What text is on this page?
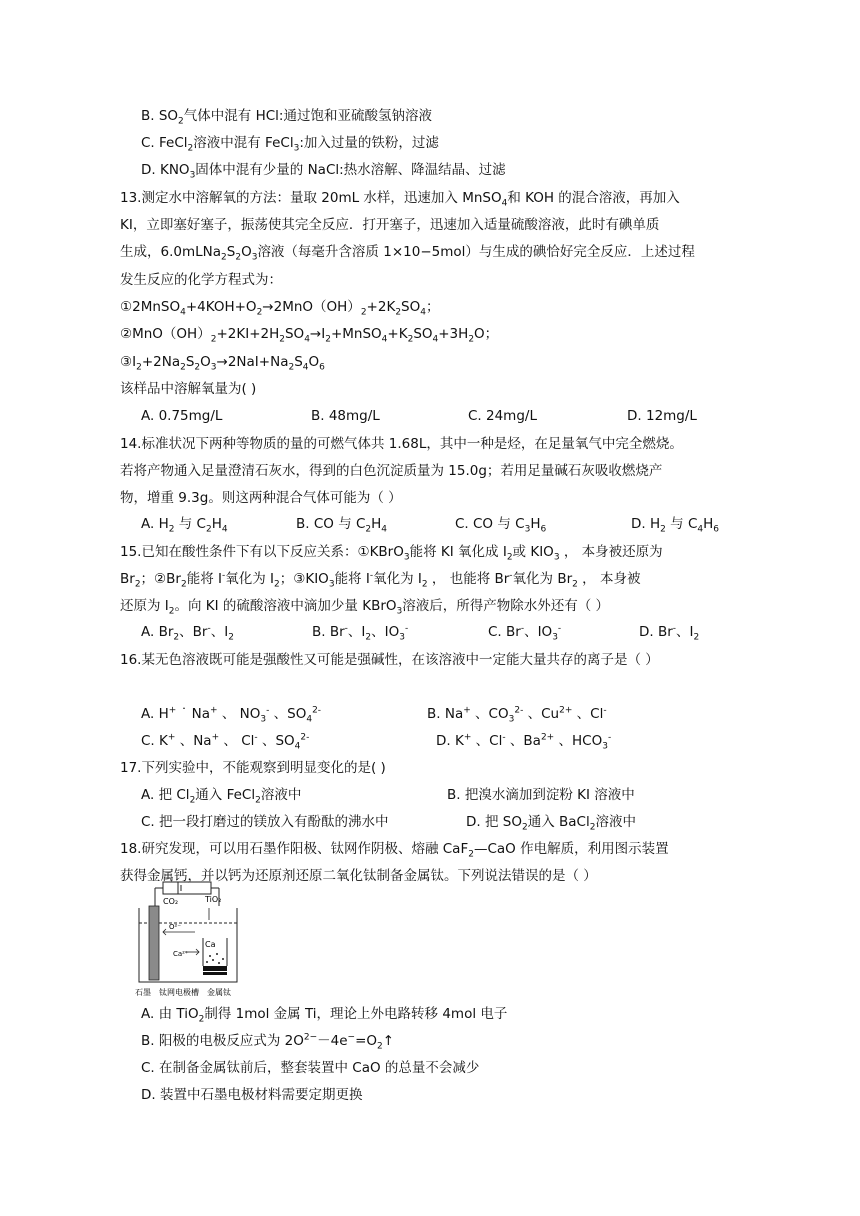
B. $SO_2$气体中混有 HCl:通过饱和亚硫酸氢钠溶液
C. FeCl$_2$溶液中混有 FeCl$_3$:加入过量的铁粉，过滤
D. $KNO_3$固体中混有少量的 NaCl:热水溶解、降温结晶、过滤
13.测定水中溶解氧的方法：量取 20mL 水样，迅速加入 MnSO$_4$和 KOH 的混合溶液，再加入
KI，立即塞好塞子，振荡使其完全反应．打开塞子，迅速加入适量硫酸溶液，此时有碘单质
生成，$6.0mLNa_2S_2O_3$溶液（每毫升含溶质 1×10−5mol）与生成的碘恰好完全反应．上述过程
发生反应的化学方程式为：
$①2MnSO_4+4KOH+O_2\to 2MnO(OH)_2+2K_2SO_4$；
$②MnO(OH)_2+2KI+2H_2SO_4\to I_2+MnSO_4+K_2SO_4+3H_2O$；
$③I_2+2Na_2S_2O_3\to 2NaI+Na_2S_4O_6$
该样品中溶解氧量为( )
A. 0.75mg/L	B. 48mg/L	C. 24mg/L	D. 12mg/L
14.标准状况下两种等物质的量的可燃气体共 1.68L，其中一种是烃，在足量氧气中完全燃烧。
若将产物通入足量澄清石灰水，得到的白色沉淀质量为 15.0g；若用足量碱石灰吸收燃烧产
物，增重 9.3g。则这两种混合气体可能为（ ）
A. $H_2$ 与 $C_2H_4$	B. CO 与 $C_2H_4$	C. CO 与 $C_3H_6$	D. $H_2$ 与 $C_4H_6$
15.已知在酸性条件下有以下反应关系：①KBrO$_3$能将 KI 氧化成 $I_2$或 $KIO_3$ ， 本身被还原为
$Br_2$；$②Br_2$能将 I-氧化为 $I_2$；$③KIO_3$能将 I-氧化为 $I_2$ ， 也能将 Br-氧化为 $Br_2$ ， 本身被
还原为 $I_2$。向 KI 的硫酸溶液中滴加少量 KBrO$_3$溶液后，所得产物除水外还有（ ）
A. $Br_2$、Br-、$I_2$	B. Br-、$I_2$、$IO_3^-$	C. Br-、$IO_3^-$	D. Br-、$I_2$
16.某无色溶液既可能是强酸性又可能是强碱性，在该溶液中一定能大量共存的离子是（ ）
A. H+ ˙ Na+ 、 $NO_3^-$ 、$SO_4^{2-}$	B. Na+ 、$CO_3^{2-}$ 、$Cu^{2+}$ 、Cl-
C. K+ 、Na+ 、 Cl- 、$SO_4^{2-}$	D. K+ 、Cl- 、$Ba^{2+}$ 、$HCO_3^-$
17.下列实验中，不能观察到明显变化的是( )
A. 把 $Cl_2$通入 FeCl$_2$溶液中	B. 把溴水滴加到淀粉 KI 溶液中
C. 把一段打磨过的镁放入有酚酞的沸水中	D. 把 $SO_2$通入 BaCl$_2$溶液中
18.研究发现，可以用石墨作阳极、钛网作阴极、熔融 CaF$_2$—CaO 作电解质，利用图示装置
获得金属钙，并以钙为还原剂还原二氧化钛制备金属钛。下列说法错误的是（ ）
CO₂	TiO₂
O²⁻
Ca
Ca²⁺
石墨 钛网电极槽 金属钛
A. 由 TiO$_2$制得 1mol 金属 Ti，理论上外电路转移 4mol 电子
B. 阳极的电极反应式为 $2O^{2-}-4e^-=O_2↑$
C. 在制备金属钛前后，整套装置中 CaO 的总量不会减少
D. 装置中石墨电极材料需要定期更换
